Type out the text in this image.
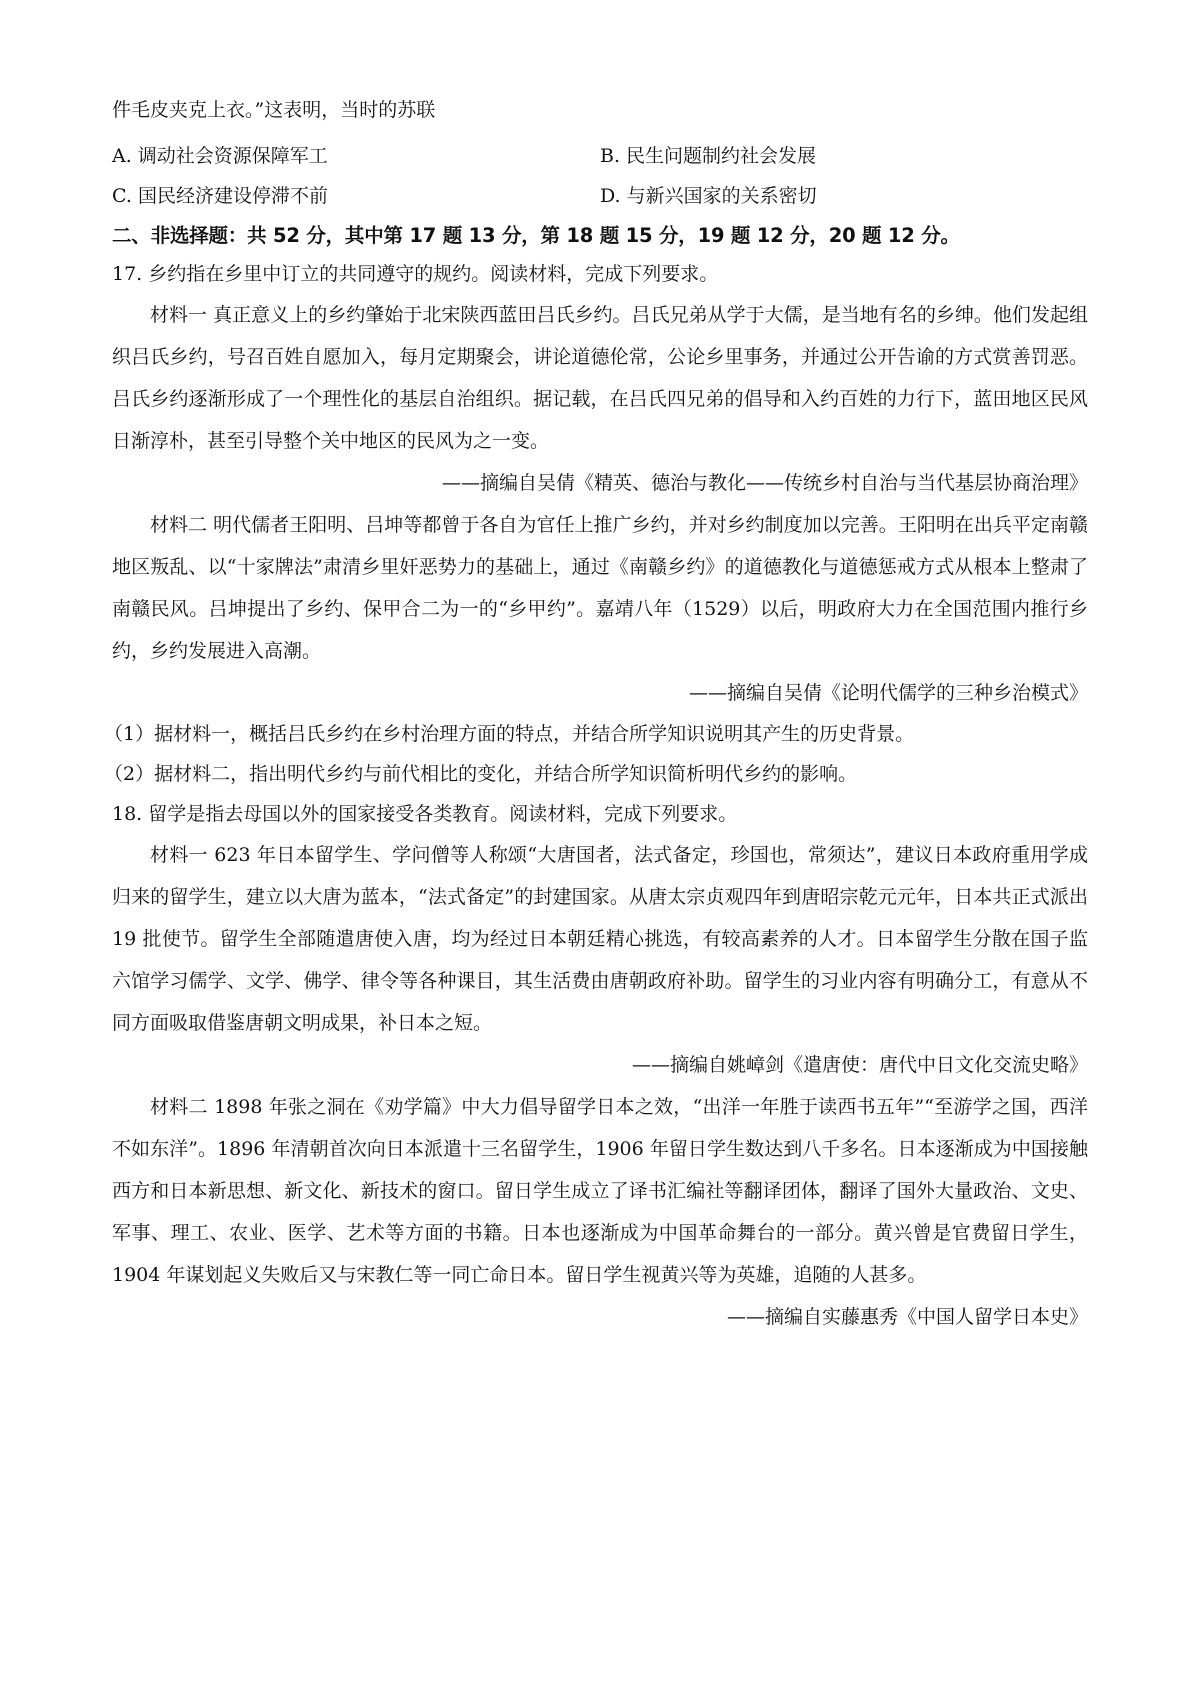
件毛皮夹克上衣。”这表明，当时的苏联
A. 调动社会资源保障军工	B. 民生问题制约社会发展
C. 国民经济建设停滞不前	D. 与新兴国家的关系密切
二、非选择题：共 52 分，其中第 17 题 13 分，第 18 题 15 分，19 题 12 分，20 题 12 分。
17. 乡约指在乡里中订立的共同遵守的规约。阅读材料，完成下列要求。

材料一 真正意义上的乡约肇始于北宋陕西蓝田吕氏乡约。吕氏兄弟从学于大儒，是当地有名的乡绅。他们发起组织吕氏乡约，号召百姓自愿加入，每月定期聚会，讲论道德伦常，公论乡里事务，并通过公开告谕的方式赏善罚恶。吕氏乡约逐渐形成了一个理性化的基层自治组织。据记载，在吕氏四兄弟的倡导和入约百姓的力行下，蓝田地区民风日渐淳朴，甚至引导整个关中地区的民风为之一变。

——摘编自吴倩《精英、德治与教化——传统乡村自治与当代基层协商治理》

材料二 明代儒者王阳明、吕坤等都曾于各自为官任上推广乡约，并对乡约制度加以完善。王阳明在出兵平定南赣地区叛乱、以“十家牌法”肃清乡里奸恶势力的基础上，通过《南赣乡约》的道德教化与道德惩戒方式从根本上整肃了南赣民风。吕坤提出了乡约、保甲合二为一的“乡甲约”。嘉靖八年（1529）以后，明政府大力在全国范围内推行乡约，乡约发展进入高潮。

——摘编自吴倩《论明代儒学的三种乡治模式》

（1）据材料一，概括吕氏乡约在乡村治理方面的特点，并结合所学知识说明其产生的历史背景。
（2）据材料二，指出明代乡约与前代相比的变化，并结合所学知识简析明代乡约的影响。
18. 留学是指去母国以外的国家接受各类教育。阅读材料，完成下列要求。

材料一 623 年日本留学生、学问僧等人称颂“大唐国者，法式备定，珍国也，常须达”，建议日本政府重用学成归来的留学生，建立以大唐为蓝本，“法式备定”的封建国家。从唐太宗贞观四年到唐昭宗乾元元年，日本共正式派出 19 批使节。留学生全部随遣唐使入唐，均为经过日本朝廷精心挑选，有较高素养的人才。日本留学生分散在国子监六馆学习儒学、文学、佛学、律令等各种课目，其生活费由唐朝政府补助。留学生的习业内容有明确分工，有意从不同方面吸取借鉴唐朝文明成果，补日本之短。

——摘编自姚嶂剑《遣唐使：唐代中日文化交流史略》

材料二 1898 年张之洞在《劝学篇》中大力倡导留学日本之效，“出洋一年胜于读西书五年”“至游学之国，西洋不如东洋”。1896 年清朝首次向日本派遣十三名留学生，1906 年留日学生数达到八千多名。日本逐渐成为中国接触西方和日本新思想、新文化、新技术的窗口。留日学生成立了译书汇编社等翻译团体，翻译了国外大量政治、文史、军事、理工、农业、医学、艺术等方面的书籍。日本也逐渐成为中国革命舞台的一部分。黄兴曾是官费留日学生，1904 年谋划起义失败后又与宋教仁等一同亡命日本。留日学生视黄兴等为英雄，追随的人甚多。

——摘编自实藤惠秀《中国人留学日本史》
